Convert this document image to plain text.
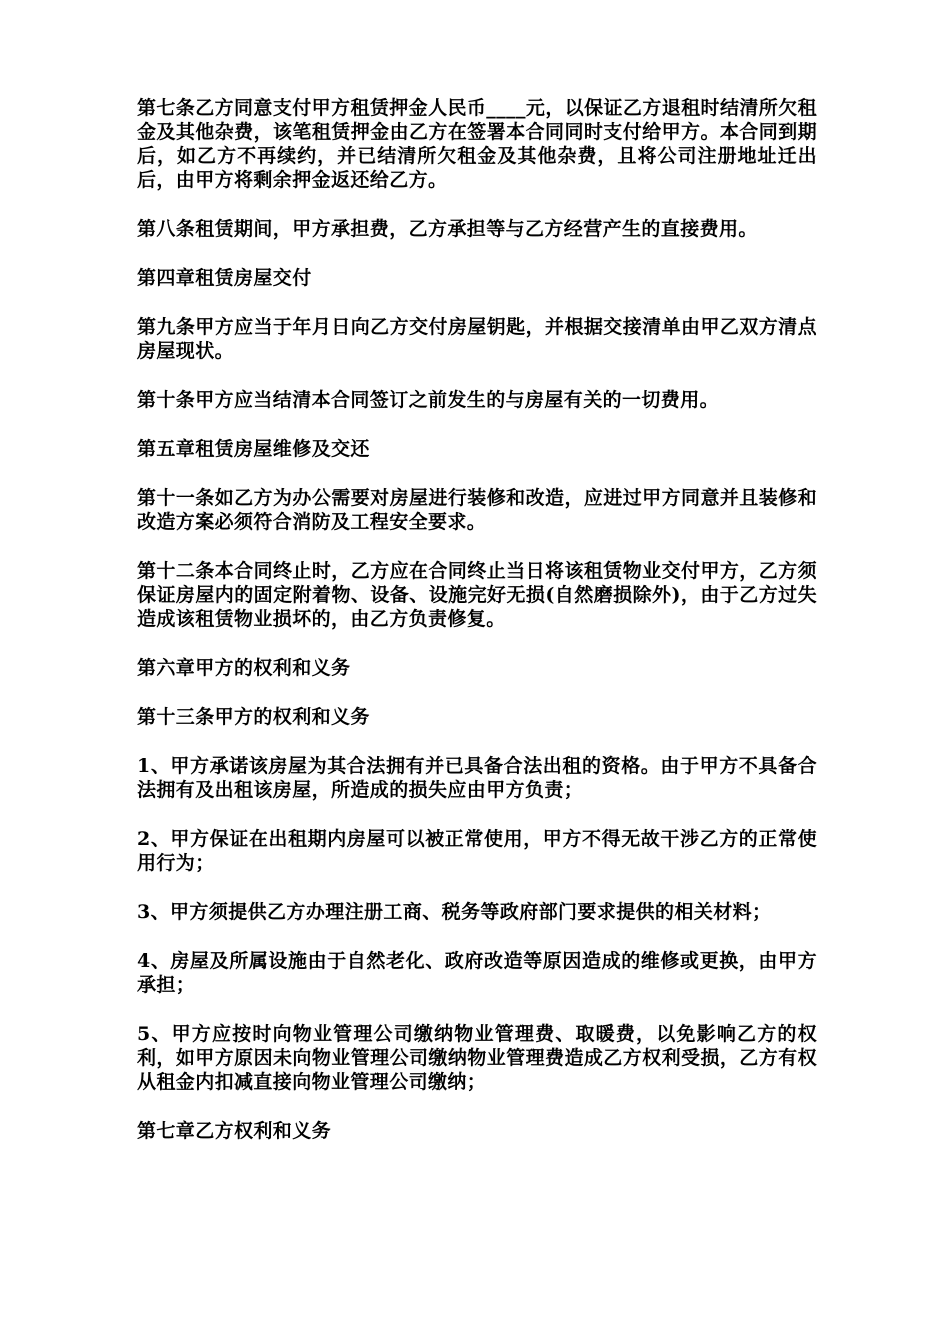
第七条乙方同意支付甲方租赁押金人民币____元，以保证乙方退租时结清所欠租金及其他杂费，该笔租赁押金由乙方在签署本合同同时支付给甲方。本合同到期后，如乙方不再续约，并已结清所欠租金及其他杂费，且将公司注册地址迁出后，由甲方将剩余押金返还给乙方。

第八条租赁期间，甲方承担费，乙方承担等与乙方经营产生的直接费用。

第四章租赁房屋交付

第九条甲方应当于年月日向乙方交付房屋钥匙，并根据交接清单由甲乙双方清点房屋现状。

第十条甲方应当结清本合同签订之前发生的与房屋有关的一切费用。

第五章租赁房屋维修及交还

第十一条如乙方为办公需要对房屋进行装修和改造，应进过甲方同意并且装修和改造方案必须符合消防及工程安全要求。

第十二条本合同终止时，乙方应在合同终止当日将该租赁物业交付甲方，乙方须保证房屋内的固定附着物、设备、设施完好无损(自然磨损除外)，由于乙方过失造成该租赁物业损坏的，由乙方负责修复。

第六章甲方的权利和义务

第十三条甲方的权利和义务

1、甲方承诺该房屋为其合法拥有并已具备合法出租的资格。由于甲方不具备合法拥有及出租该房屋，所造成的损失应由甲方负责；

2、甲方保证在出租期内房屋可以被正常使用，甲方不得无故干涉乙方的正常使用行为；

3、甲方须提供乙方办理注册工商、税务等政府部门要求提供的相关材料；

4、房屋及所属设施由于自然老化、政府改造等原因造成的维修或更换，由甲方承担；

5、甲方应按时向物业管理公司缴纳物业管理费、取暖费，以免影响乙方的权利，如甲方原因未向物业管理公司缴纳物业管理费造成乙方权利受损，乙方有权从租金内扣减直接向物业管理公司缴纳；

第七章乙方权利和义务
